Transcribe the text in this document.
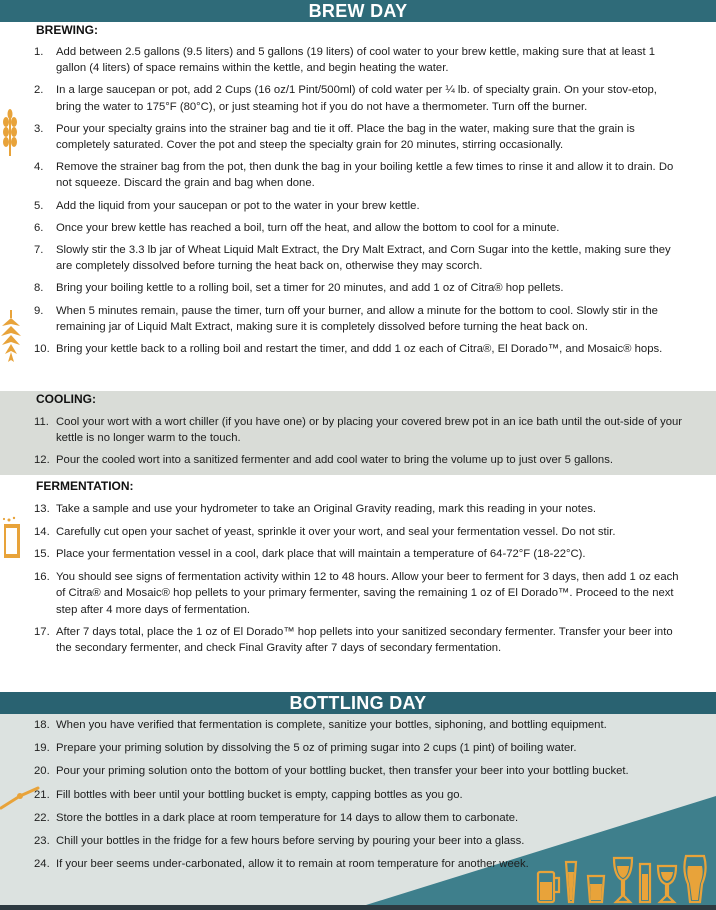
BREW DAY
BOTTLING DAY
BREWING:
COOLING:
FERMENTATION:
1. Add between 2.5 gallons (9.5 liters) and 5 gallons (19 liters) of cool water to your brew kettle, making sure that at least 1 gallon (4 liters) of space remains within the kettle, and begin heating the water.
2. In a large saucepan or pot, add 2 Cups (16 oz/1 Pint/500ml) of cold water per ¼ lb. of specialty grain. On your stov-etop, bring the water to 175°F (80°C), or just steaming hot if you do not have a thermometer. Turn off the burner.
3. Pour your specialty grains into the strainer bag and tie it off. Place the bag in the water, making sure that the grain is completely saturated. Cover the pot and steep the specialty grain for 20 minutes, stirring occasionally.
4. Remove the strainer bag from the pot, then dunk the bag in your boiling kettle a few times to rinse it and allow it to drain. Do not squeeze. Discard the grain and bag when done.
5. Add the liquid from your saucepan or pot to the water in your brew kettle.
6. Once your brew kettle has reached a boil, turn off the heat, and allow the bottom to cool for a minute.
7. Slowly stir the 3.3 lb jar of Wheat Liquid Malt Extract, the Dry Malt Extract, and Corn Sugar into the kettle, making sure they are completely dissolved before turning the heat back on, otherwise they may scorch.
8. Bring your boiling kettle to a rolling boil, set a timer for 20 minutes, and add 1 oz of Citra® hop pellets.
9. When 5 minutes remain, pause the timer, turn off your burner, and allow a minute for the bottom to cool. Slowly stir in the remaining jar of Liquid Malt Extract, making sure it is completely dissolved before turning the heat back on.
10. Bring your kettle back to a rolling boil and restart the timer, and ddd 1 oz each of Citra®, El Dorado™, and Mosaic® hops.
11. Cool your wort with a wort chiller (if you have one) or by placing your covered brew pot in an ice bath until the out-side of your kettle is no longer warm to the touch.
12. Pour the cooled wort into a sanitized fermenter and add cool water to bring the volume up to just over 5 gallons.
13. Take a sample and use your hydrometer to take an Original Gravity reading, mark this reading in your notes.
14. Carefully cut open your sachet of yeast, sprinkle it over your wort, and seal your fermentation vessel. Do not stir.
15. Place your fermentation vessel in a cool, dark place that will maintain a temperature of 64-72°F (18-22°C).
16. You should see signs of fermentation activity within 12 to 48 hours. Allow your beer to ferment for 3 days, then add 1 oz each of Citra® and Mosaic® hop pellets to your primary fermenter, saving the remaining 1 oz of El Dorado™. Proceed to the next step after 4 more days of fermentation.
17. After 7 days total, place the 1 oz of El Dorado™ hop pellets into your sanitized secondary fermenter. Transfer your beer into the secondary fermenter, and check Final Gravity after 7 days of secondary fermentation.
18. When you have verified that fermentation is complete, sanitize your bottles, siphoning, and bottling equipment.
19. Prepare your priming solution by dissolving the 5 oz of priming sugar into 2 cups (1 pint) of boiling water.
20. Pour your priming solution onto the bottom of your bottling bucket, then transfer your beer into your bottling bucket.
21. Fill bottles with beer until your bottling bucket is empty, capping bottles as you go.
22. Store the bottles in a dark place at room temperature for 14 days to allow them to carbonate.
23. Chill your bottles in the fridge for a few hours before serving by pouring your beer into a glass.
24. If your beer seems under-carbonated, allow it to remain at room temperature for another week.
